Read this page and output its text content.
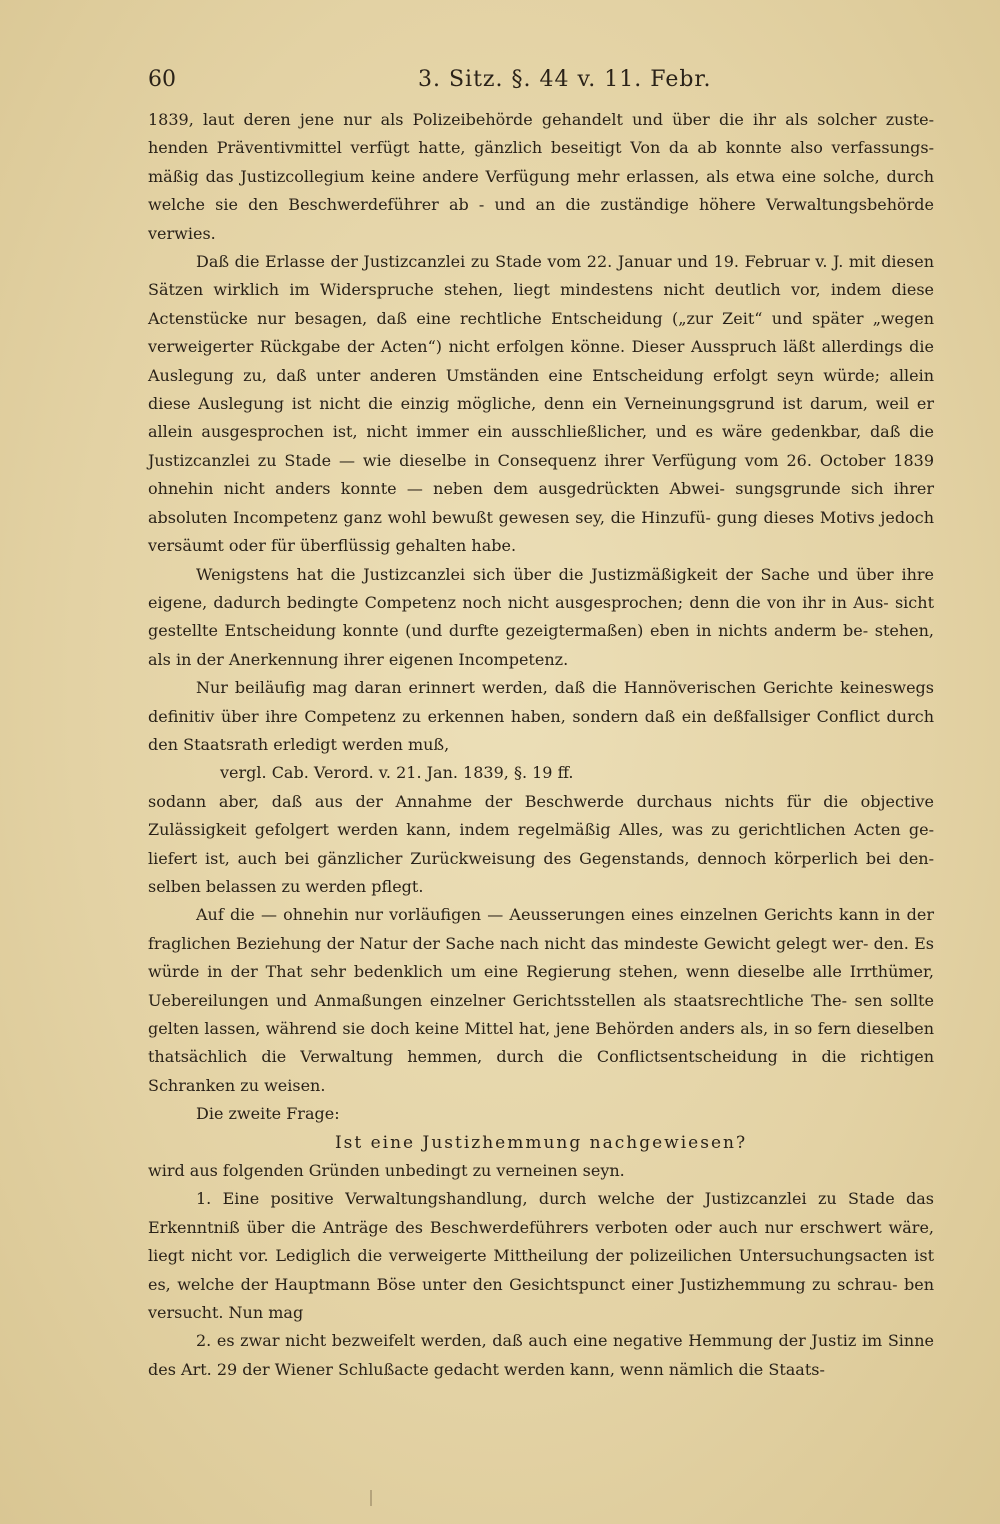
60	3. Sitz. §. 44 v. 11. Febr.

1839, laut deren jene nur als Polizeibehörde gehandelt und über die ihr als solcher zuste- henden Präventivmittel verfügt hatte, gänzlich beseitigt Von da ab konnte also verfassungs- mäßig das Justizcollegium keine andere Verfügung mehr erlassen, als etwa eine solche, durch welche sie den Beschwerdeführer ab - und an die zuständige höhere Verwaltungsbehörde verwies.

Daß die Erlasse der Justizcanzlei zu Stade vom 22. Januar und 19. Februar v. J. mit diesen Sätzen wirklich im Widerspruche stehen, liegt mindestens nicht deutlich vor, indem diese Actenstücke nur besagen, daß eine rechtliche Entscheidung („zur Zeit“ und später „wegen verweigerter Rückgabe der Acten“) nicht erfolgen könne. Dieser Ausspruch läßt allerdings die Auslegung zu, daß unter anderen Umständen eine Entscheidung erfolgt seyn würde; allein diese Auslegung ist nicht die einzig mögliche, denn ein Verneinungsgrund ist darum, weil er allein ausgesprochen ist, nicht immer ein ausschließlicher, und es wäre gedenkbar, daß die Justizcanzlei zu Stade — wie dieselbe in Consequenz ihrer Verfügung vom 26. October 1839 ohnehin nicht anders konnte — neben dem ausgedrückten Abwei- sungsgrunde sich ihrer absoluten Incompetenz ganz wohl bewußt gewesen sey, die Hinzufü- gung dieses Motivs jedoch versäumt oder für überflüssig gehalten habe.

Wenigstens hat die Justizcanzlei sich über die Justizmäßigkeit der Sache und über ihre eigene, dadurch bedingte Competenz noch nicht ausgesprochen; denn die von ihr in Aus- sicht gestellte Entscheidung konnte (und durfte gezeigtermaßen) eben in nichts anderm be- stehen, als in der Anerkennung ihrer eigenen Incompetenz.

Nur beiläufig mag daran erinnert werden, daß die Hannöverischen Gerichte keineswegs definitiv über ihre Competenz zu erkennen haben, sondern daß ein deßfallsiger Conflict durch den Staatsrath erledigt werden muß,

vergl. Cab. Verord. v. 21. Jan. 1839, §. 19 ff.

sodann aber, daß aus der Annahme der Beschwerde durchaus nichts für die objective Zulässigkeit gefolgert werden kann, indem regelmäßig Alles, was zu gerichtlichen Acten ge- liefert ist, auch bei gänzlicher Zurückweisung des Gegenstands, dennoch körperlich bei den- selben belassen zu werden pflegt.

Auf die — ohnehin nur vorläufigen — Aeusserungen eines einzelnen Gerichts kann in der fraglichen Beziehung der Natur der Sache nach nicht das mindeste Gewicht gelegt wer- den. Es würde in der That sehr bedenklich um eine Regierung stehen, wenn dieselbe alle Irrthümer, Uebereilungen und Anmaßungen einzelner Gerichtsstellen als staatsrechtliche The- sen sollte gelten lassen, während sie doch keine Mittel hat, jene Behörden anders als, in so fern dieselben thatsächlich die Verwaltung hemmen, durch die Conflictsentscheidung in die richtigen Schranken zu weisen.

Die zweite Frage:

Ist eine Justizhemmung nachgewiesen?

wird aus folgenden Gründen unbedingt zu verneinen seyn.

1. Eine positive Verwaltungshandlung, durch welche der Justizcanzlei zu Stade das Erkenntniß über die Anträge des Beschwerdeführers verboten oder auch nur erschwert wäre, liegt nicht vor. Lediglich die verweigerte Mittheilung der polizeilichen Untersuchungsacten ist es, welche der Hauptmann Böse unter den Gesichtspunct einer Justizhemmung zu schrau- ben versucht. Nun mag

2. es zwar nicht bezweifelt werden, daß auch eine negative Hemmung der Justiz im Sinne des Art. 29 der Wiener Schlußacte gedacht werden kann, wenn nämlich die Staats-
